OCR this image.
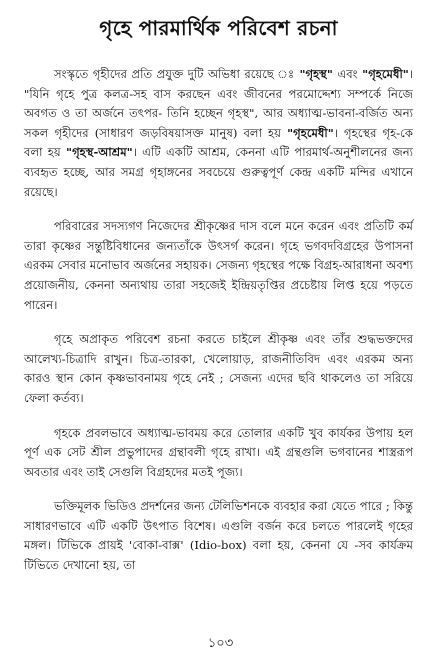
গৃহে পারমার্থিক পরিবেশ রচনা

সংস্কৃতে গৃহীদের প্রতি প্রযুক্ত দুটি অভিধা রয়েছে ঃ "গৃহস্থ" এবং "গৃহমেধী"। "যিনি গৃহে পুত্র কলত্র-সহ বাস করছেন এবং জীবনের পরমোদ্দেশ্য সম্পর্কে নিজে অবগত ও তা অর্জনে তৎপর- তিনি হচ্ছেন গৃহস্থ", আর অধ্যাত্ম-ভাবনা-বর্জিত অন্য সকল গৃহীদের (সাধারণ জড়বিষয়াসক্ত মানুষ) বলা হয় "গৃহমেধী"। গৃহস্থের গৃহ-কে বলা হয় "গৃহস্থ-আশ্রম"। এটি একটি আশ্রম, কেননা এটি পারমার্থ-অনুশীলনের জন্য ব্যবহৃত হচ্ছে, আর সমগ্র গৃহাঙ্গনের সবচেয়ে গুরুত্বপূর্ণ কেন্দ্র একটি মন্দির এখানে রয়েছে।

পরিবারের সদস্যগণ নিজেদের শ্রীকৃষ্ণের দাস বলে মনে করেন এবং প্রতিটি কর্ম তারা কৃষ্ণের সন্তুষ্টিবিধানের জন্যতাঁকে উৎসর্গ করেন। গৃহে ভগবদবিগ্রহের উপাসনা এরকম সেবার মনোভাব অর্জনের সহায়ক। সেজন্য গৃহস্থের পক্ষে বিগ্রহ-আরাধনা অবশ্য প্রয়োজনীয়, কেননা অন্যথায় তারা সহজেই ইন্দ্রিয়তৃপ্তির প্রচেষ্টায় লিপ্ত হয়ে পড়তে পারেন।

গৃহে অপ্রাকৃত পরিবেশ রচনা করতে চাইলে শ্রীকৃষ্ণ এবং তাঁর শুদ্ধভক্তদের আলেখ্য-চিত্রাদি রাখুন। চিত্র-তারকা, খেলোয়াড়, রাজনীতিবিদ এবং এরকম অন্য কারও স্থান কোন কৃষ্ণভাবনাময় গৃহে নেই ; সেজন্য এদের ছবি থাকলেও তা সরিয়ে ফেলা কর্তব্য।

গৃহকে প্রবলভাবে অধ্যাত্ম-ভাবময় করে তোলার একটি খুব কার্যকর উপায় হল পূর্ণ এক সেট শ্রীল প্রভুপাদের গ্রন্থাবলী গৃহে রাখা। এই গ্রন্থগুলি ভগবানের শাস্ত্ররূপ অবতার এবং তাই সেগুলি বিগ্রহদের মতই পূজ্য।

ভক্তিমূলক ভিডিও প্রদর্শনের জন্য টেলিভিশনকে ব্যবহার করা যেতে পারে ; কিন্তু সাধারণভাবে এটি একটি উৎপাত বিশেষ। এগুলি বর্জন করে চলতে পারলেই গৃহের মঙ্গল। টিভিকে প্রায়ই 'বোকা-বাক্স' (Idio-box) বলা হয়, কেননা যে -সব কার্যক্রম টিভিতে দেখানো হয়, তা

১০৩
